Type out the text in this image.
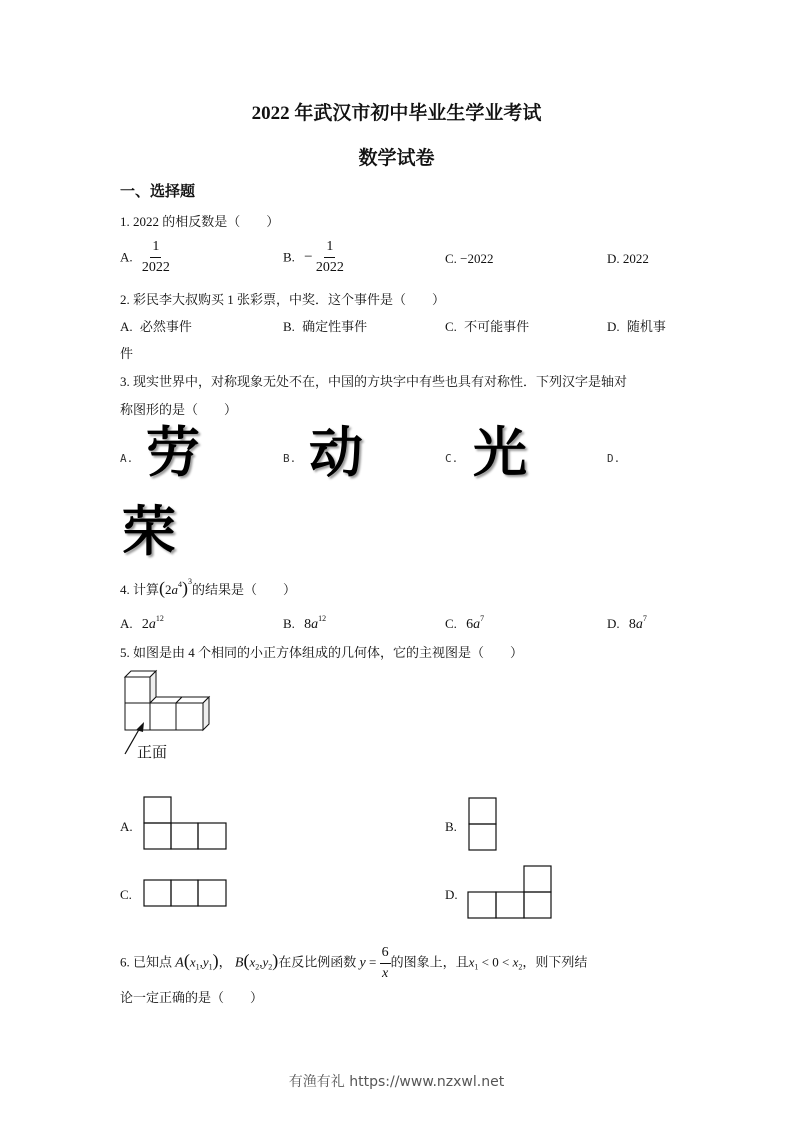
2022 年武汉市初中毕业生学业考试
数学试卷
一、选择题
1. 2022 的相反数是（　　）
A. $\frac{1}{2022}$	B. − $\frac{1}{2022}$	C. −2022	D. 2022
2. 彩民李大叔购买 1 张彩票，中奖．这个事件是（　　）
A. 必然事件	B. 确定性事件	C. 不可能事件	D. 随机事
件
3. 现实世界中，对称现象无处不在，中国的方块字中有些也具有对称性．下列汉字是轴对
称图形的是（　　）
A. 劳	B. 动	C. 光	D.
荣
4. 计算$(2a^4)^3$的结果是（　　）
A. $2a^{12}$	B. $8a^{12}$	C. $6a^7$	D. $8a^7$
5. 如图是由 4 个相同的小正方体组成的几何体，它的主视图是（　　）
正面
A.	B.
C.	D.
6. 已知点 $A(x_1,y_1)$， $B(x_2,y_2)$在反比例函数 $y = \frac{6}{x}$ 的图象上，且$x_1 < 0 < x_2$，则下列结
论一定正确的是（　　）
有渔有礼 https://www.nzxwl.net
